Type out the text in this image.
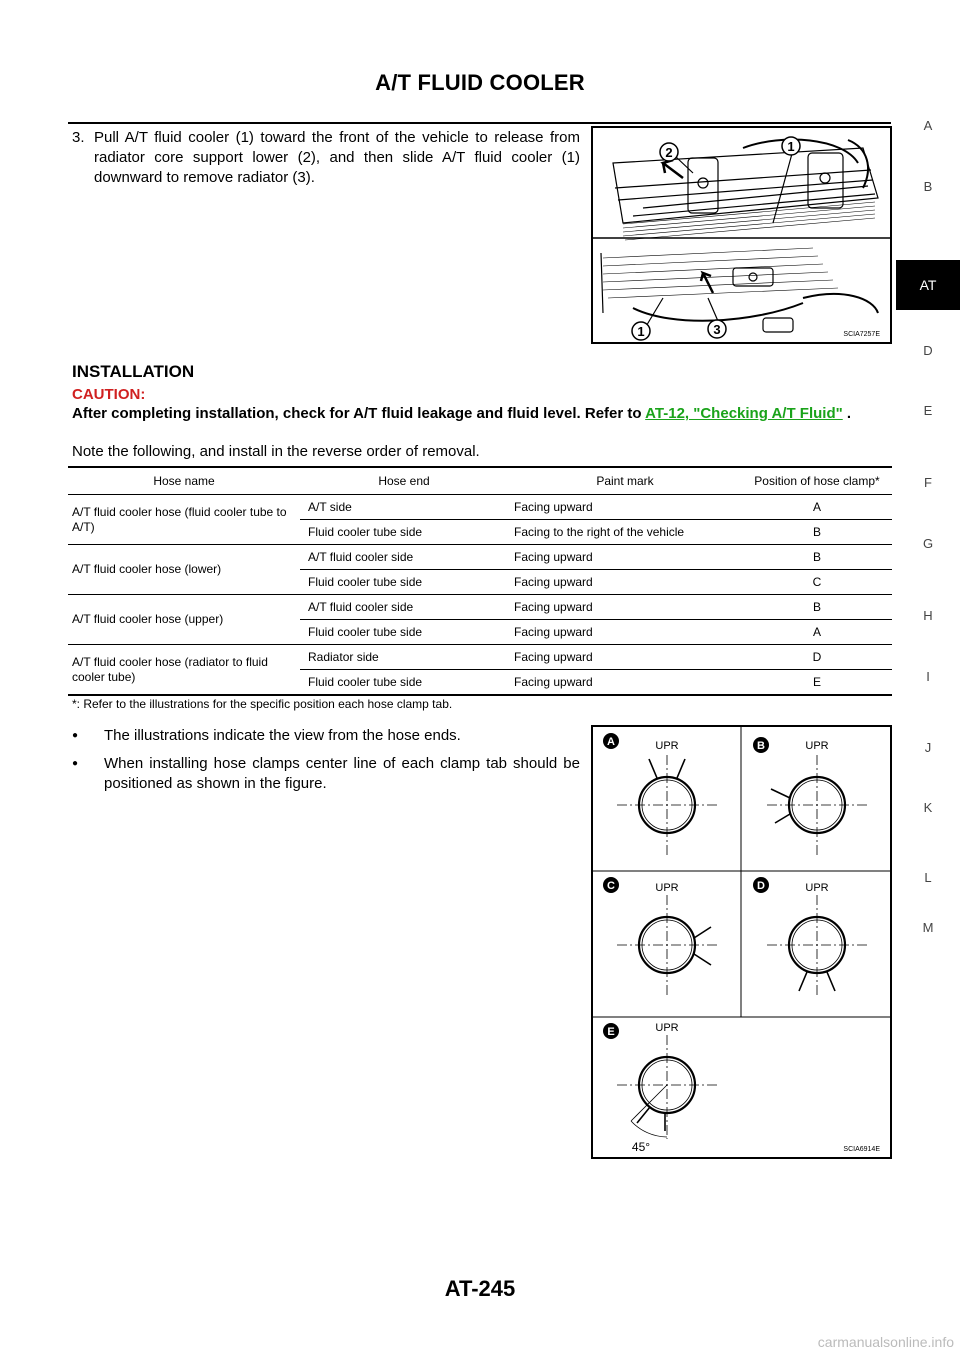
A/T FLUID COOLER
A
B
AT
D
E
F
G
H
I
J
K
L
M
3. Pull A/T fluid cooler (1) toward the front of the vehicle to release from radiator core support lower (2), and then slide A/T fluid cooler (1) downward to remove radiator (3).
2	1
1	3	SCIA7257E
INSTALLATION
CAUTION:
After completing installation, check for A/T fluid leakage and fluid level. Refer to AT-12, "Checking A/T Fluid" .
Note the following, and install in the reverse order of removal.
Hose name	Hose end	Paint mark	Position of hose clamp*
A/T fluid cooler hose (fluid cooler tube to A/T)	A/T side	Facing upward	A
	Fluid cooler tube side	Facing to the right of the vehicle	B
A/T fluid cooler hose (lower)	A/T fluid cooler side	Facing upward	B
	Fluid cooler tube side	Facing upward	C
A/T fluid cooler hose (upper)	A/T fluid cooler side	Facing upward	B
	Fluid cooler tube side	Facing upward	A
A/T fluid cooler hose (radiator to fluid cooler tube)	Radiator side	Facing upward	D
	Fluid cooler tube side	Facing upward	E
*: Refer to the illustrations for the specific position each hose clamp tab.
● The illustrations indicate the view from the hose ends.
● When installing hose clamps center line of each clamp tab should be positioned as shown in the figure.
A	B
C	D
E
UPR	UPR
UPR	UPR
UPR
45°	SCIA6914E
AT-245
carmanualsonline.info
